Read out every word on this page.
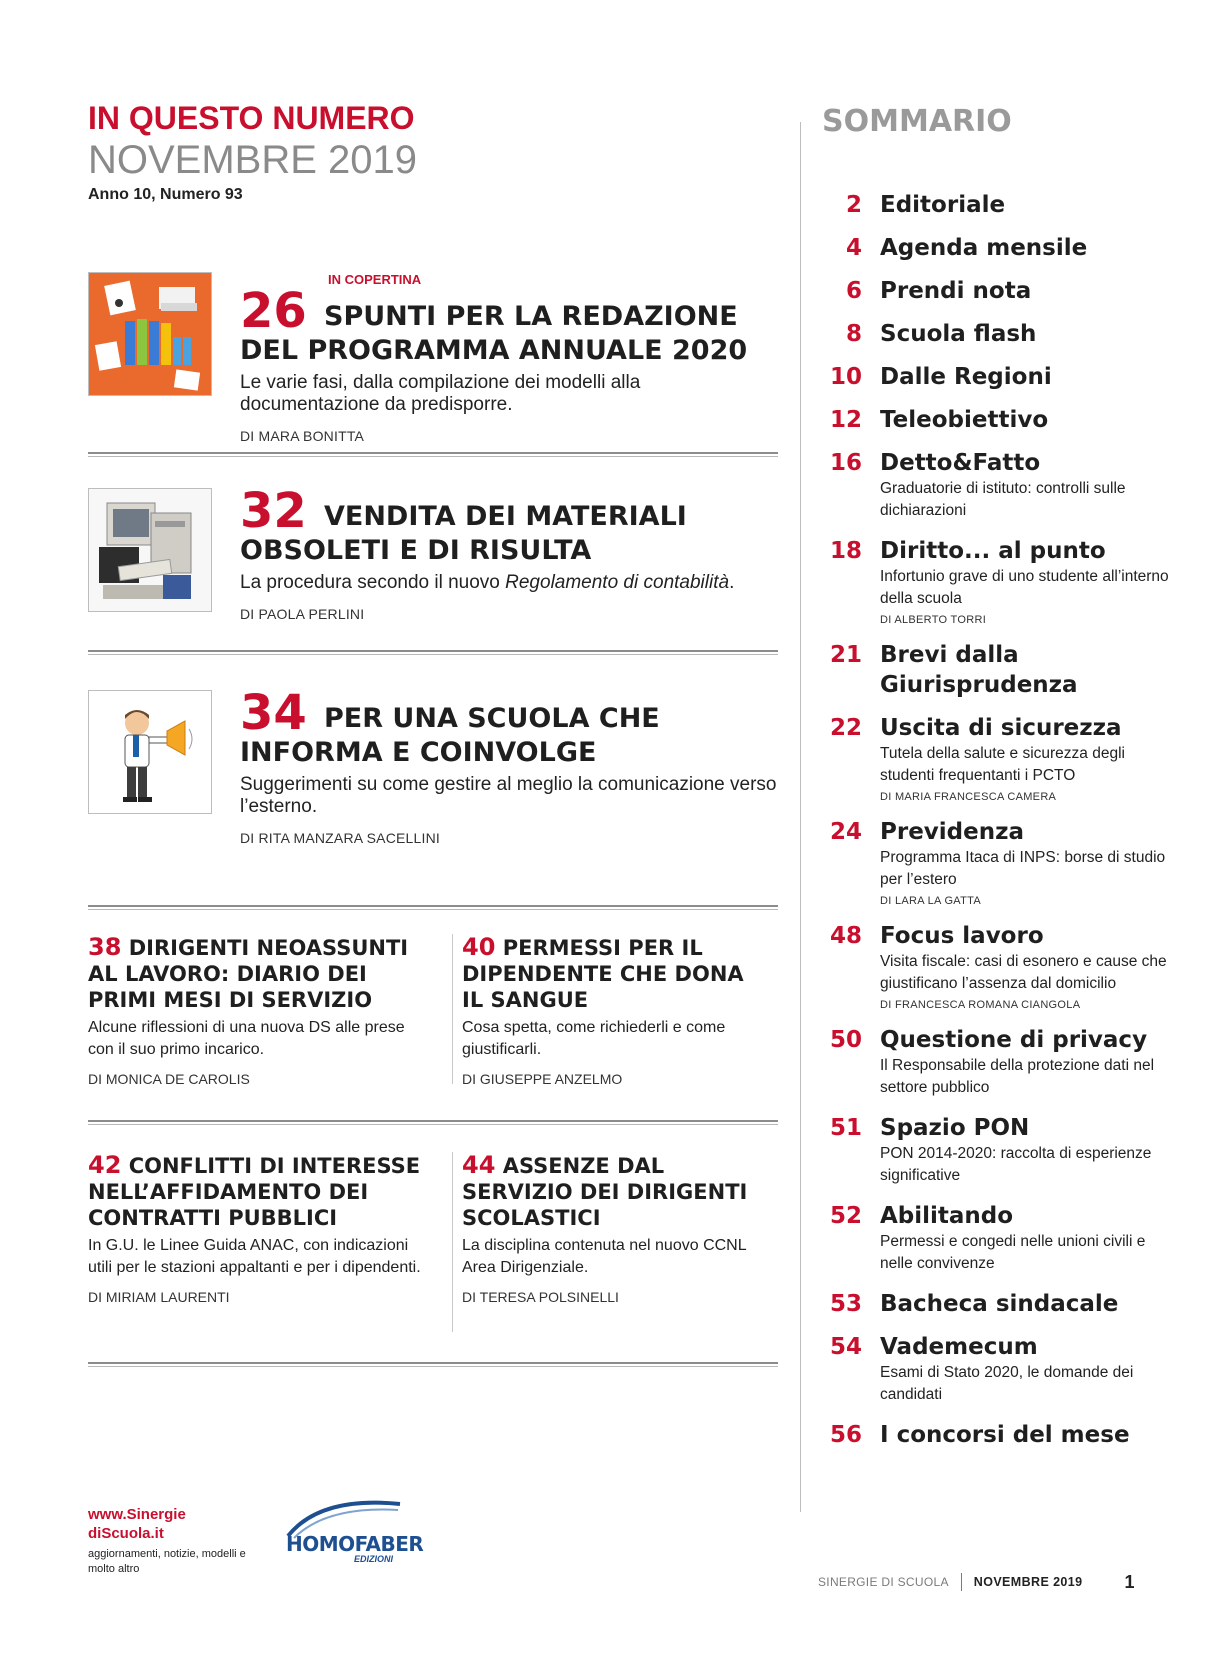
IN QUESTO NUMERO
NOVEMBRE 2019
Anno 10, Numero 93
IN COPERTINA
26 SPUNTI PER LA REDAZIONE
DEL PROGRAMMA ANNUALE 2020
Le varie fasi, dalla compilazione dei modelli alla documentazione da predisporre.
DI MARA BONITTA
32 VENDITA DEI MATERIALI
OBSOLETI E DI RISULTA
La procedura secondo il nuovo Regolamento di contabilità.
DI PAOLA PERLINI
34 PER UNA SCUOLA CHE
INFORMA E COINVOLGE
Suggerimenti su come gestire al meglio la comunicazione verso l’esterno.
DI RITA MANZARA SACELLINI
38 DIRIGENTI NEOASSUNTI AL LAVORO: DIARIO DEI PRIMI MESI DI SERVIZIO
Alcune riflessioni di una nuova DS alle prese con il suo primo incarico.
DI MONICA DE CAROLIS
40 PERMESSI PER IL DIPENDENTE CHE DONA IL SANGUE
Cosa spetta, come richiederli e come giustificarli.
DI GIUSEPPE ANZELMO
42 CONFLITTI DI INTERESSE NELL’AFFIDAMENTO DEI CONTRATTI PUBBLICI
In G.U. le Linee Guida ANAC, con indicazioni utili per le stazioni appaltanti e per i dipendenti.
DI MIRIAM LAURENTI
44 ASSENZE DAL SERVIZIO DEI DIRIGENTI SCOLASTICI
La disciplina contenuta nel nuovo CCNL Area Dirigenziale.
DI TERESA POLSINELLI
SOMMARIO
2 Editoriale
4 Agenda mensile
6 Prendi nota
8 Scuola flash
10 Dalle Regioni
12 Teleobiettivo
16 Detto&Fatto
Graduatorie di istituto: controlli sulle dichiarazioni
18 Diritto... al punto
Infortunio grave di uno studente all’interno della scuola
DI ALBERTO TORRI
21 Brevi dalla Giurisprudenza
22 Uscita di sicurezza
Tutela della salute e sicurezza degli studenti frequentanti i PCTO
DI MARIA FRANCESCA CAMERA
24 Previdenza
Programma Itaca di INPS: borse di studio per l’estero
DI LARA LA GATTA
48 Focus lavoro
Visita fiscale: casi di esonero e cause che giustificano l’assenza dal domicilio
DI FRANCESCA ROMANA CIANGOLA
50 Questione di privacy
Il Responsabile della protezione dati nel settore pubblico
51 Spazio PON
PON 2014-2020: raccolta di esperienze significative
52 Abilitando
Permessi e congedi nelle unioni civili e nelle convivenze
53 Bacheca sindacale
54 Vademecum
Esami di Stato 2020, le domande dei candidati
56 I concorsi del mese
www.Sinergie
diScuola.it
aggiornamenti, notizie, modelli e molto altro
HOMOFABER
EDIZIONI
SINERGIE DI SCUOLA NOVEMBRE 2019 1
